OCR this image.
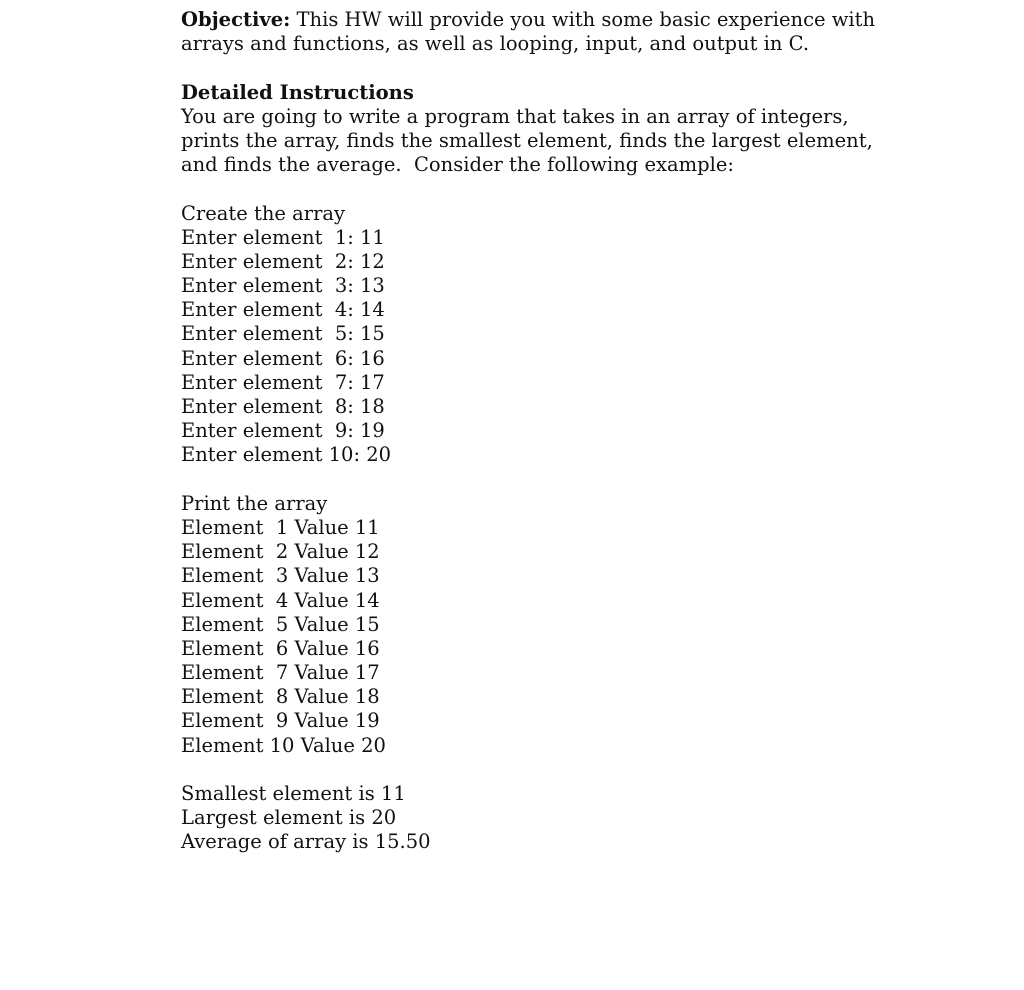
Objective: This HW will provide you with some basic experience with
arrays and functions, as well as looping, input, and output in C.
Detailed Instructions
You are going to write a program that takes in an array of integers,
prints the array, finds the smallest element, finds the largest element,
and finds the average.  Consider the following example:
Create the array
Enter element  1: 11
Enter element  2: 12
Enter element  3: 13
Enter element  4: 14
Enter element  5: 15
Enter element  6: 16
Enter element  7: 17
Enter element  8: 18
Enter element  9: 19
Enter element 10: 20
Print the array
Element  1 Value 11
Element  2 Value 12
Element  3 Value 13
Element  4 Value 14
Element  5 Value 15
Element  6 Value 16
Element  7 Value 17
Element  8 Value 18
Element  9 Value 19
Element 10 Value 20
Smallest element is 11
Largest element is 20
Average of array is 15.50
